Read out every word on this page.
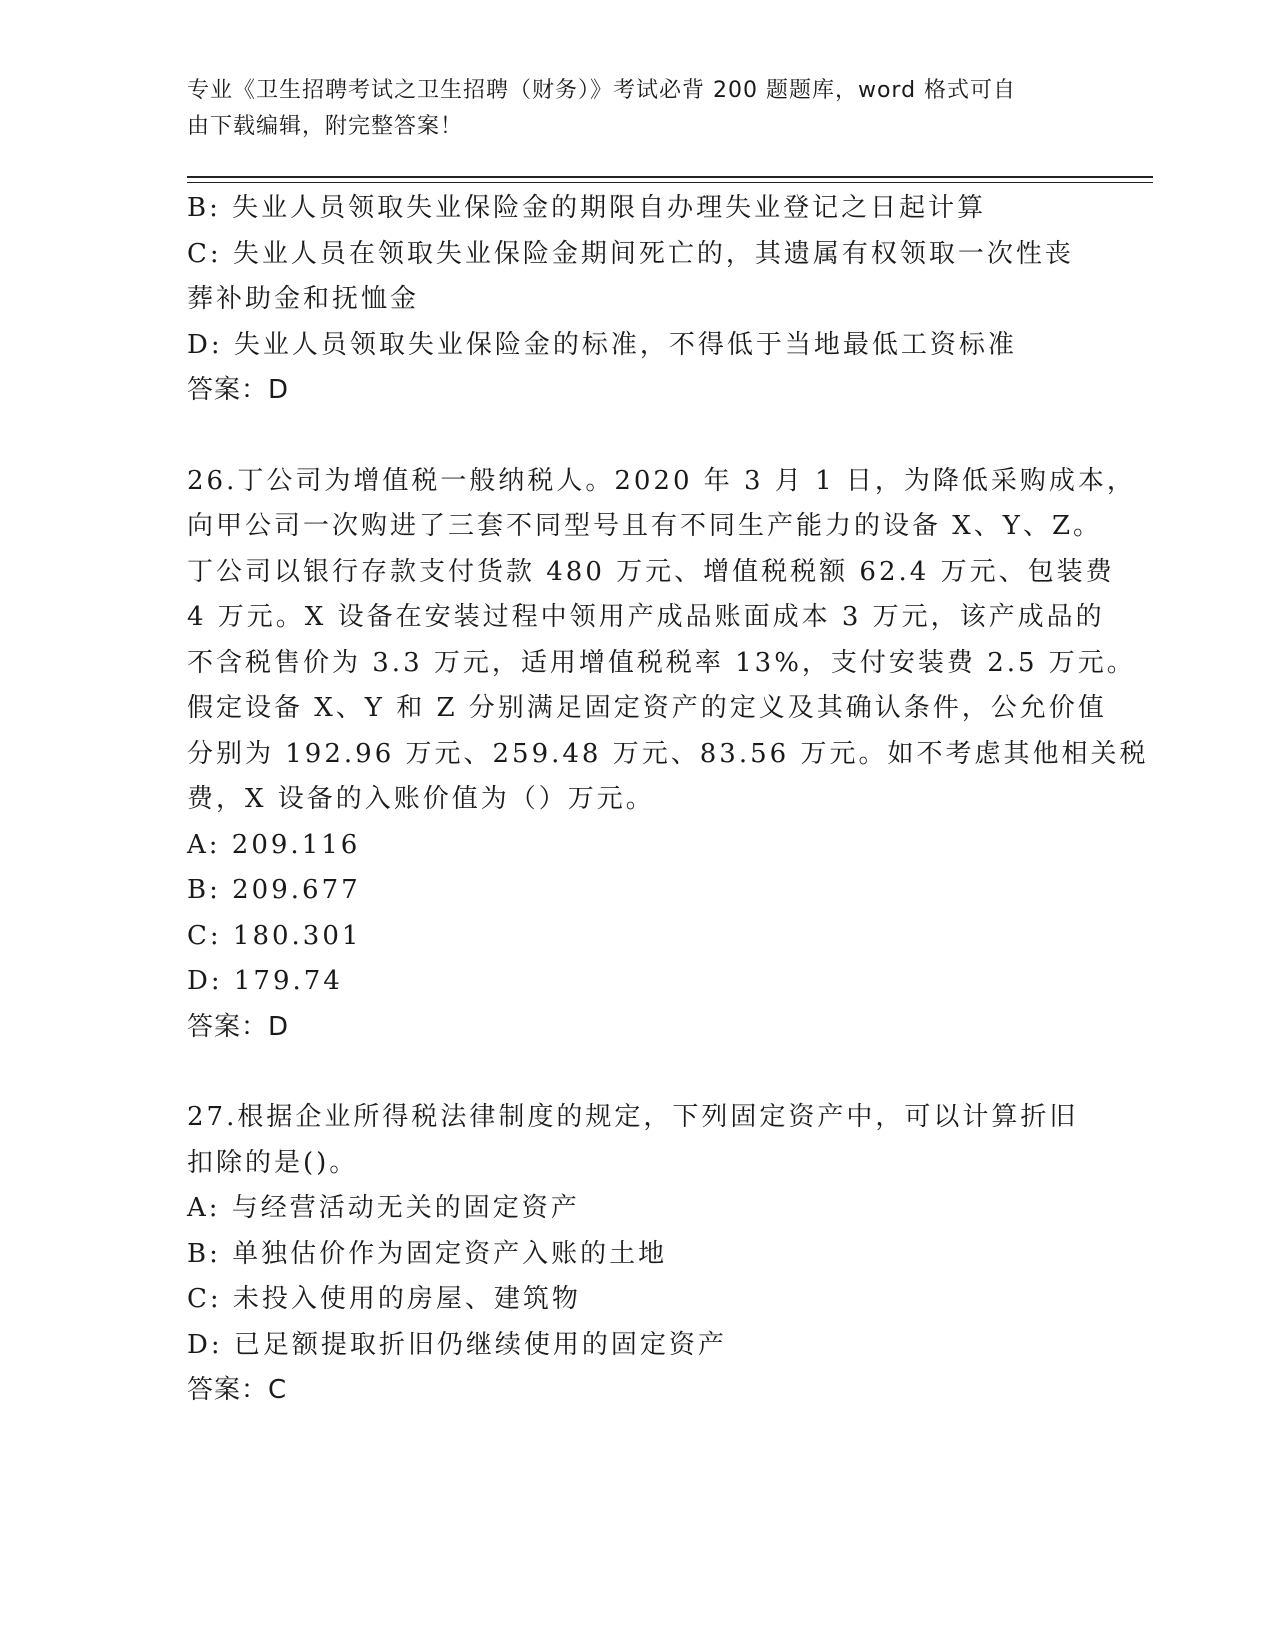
专业《卫生招聘考试之卫生招聘（财务）》考试必背 200 题题库，word 格式可自
由下载编辑，附完整答案！
B: 失业人员领取失业保险金的期限自办理失业登记之日起计算
C: 失业人员在领取失业保险金期间死亡的，其遗属有权领取一次性丧
葬补助金和抚恤金
D: 失业人员领取失业保险金的标准，不得低于当地最低工资标准
答案：D
26.丁公司为增值税一般纳税人。2020 年 3 月 1 日，为降低采购成本，
向甲公司一次购进了三套不同型号且有不同生产能力的设备 X、Y、Z。
丁公司以银行存款支付货款 480 万元、增值税税额 62.4 万元、包装费
4 万元。X 设备在安装过程中领用产成品账面成本 3 万元，该产成品的
不含税售价为 3.3 万元，适用增值税税率 13%，支付安装费 2.5 万元。
假定设备 X、Y 和 Z 分别满足固定资产的定义及其确认条件，公允价值
分别为 192.96 万元、259.48 万元、83.56 万元。如不考虑其他相关税
费，X 设备的入账价值为（）万元。
A: 209.116
B: 209.677
C: 180.301
D: 179.74
答案：D
27.根据企业所得税法律制度的规定，下列固定资产中，可以计算折旧
扣除的是()。
A: 与经营活动无关的固定资产
B: 单独估价作为固定资产入账的土地
C: 未投入使用的房屋、建筑物
D: 已足额提取折旧仍继续使用的固定资产
答案：C
